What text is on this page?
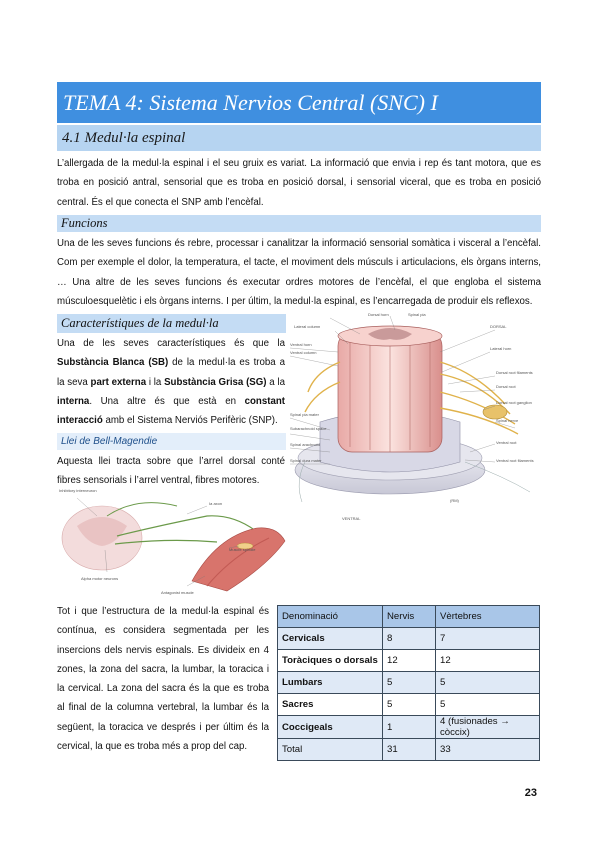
TEMA 4: Sistema Nervios Central (SNC) I
4.1 Medul·la espinal

L’allergada de la medul·la espinal i el seu gruix es variat. La informació que envia i rep és tant motora, que es troba en posició antral, sensorial que es troba en posició dorsal, i sensorial viceral, que es troba en posició central. És el que conecta el SNP amb l’encèfal.

Funcions

Una de les seves funcions és rebre, processar i canalitzar la informació sensorial somàtica i visceral a l’encèfal. Com per exemple el dolor, la temperatura, el tacte, el moviment dels músculs i articulacions, els òrgans interns, … Una altre de les seves funcions és executar ordres motores de l’encèfal, el que engloba el sistema músculoesquelètic i els òrgans interns. I per últim, la medul·la espinal, es l’encarregada de produir els reflexos.

Característiques de la medul·la

Una de les seves característiques és que la Substància Blanca (SB) de la medul·la es troba a la seva part externa i la Substància Grisa (SG) a la interna. Una altre és que està en constant interacció amb el Sistema Nerviós Perifèric (SNP).

Llei de Bell-Magendie

Aquesta llei tracta sobre que l’arrel dorsal conté fibres sensorials i l’arrel ventral, fibres motores.

Dorsal horn	Spinal pia
DORSAL
Lateral column
Lateral horn
Ventral horn
Ventral column
Dorsal root filaments
Dorsal root
Dorsal root ganglion
Spinal nerve
Ventral root
Ventral root filaments
Spinal pia mater
Subarachnoid space
Spinal arachnoid
Spinal dura mater
VENTRAL
(RM)
Inhibitory interneuron
Ia axon
Muscle spindle
Alpha motor neurons
Antagonist muscle

Tot i que l’estructura de la medul·la espinal és contínua, es considera segmentada per les insercions dels nervis espinals. Es divideix en 4 zones, la zona del sacra, la lumbar, la toracica i la cervical. La zona del sacra és la que es troba al final de la columna vertebral, la lumbar és la següent, la toracica ve després i per últim és la cervical, la que es troba més a prop del cap.

Denominació	Nervis	Vèrtebres
Cervicals	8	7
Toràciques o dorsals	12	12
Lumbars	5	5
Sacres	5	5
Coccigeals	1	4 (fusionades → còccix)
Total	31	33
23
